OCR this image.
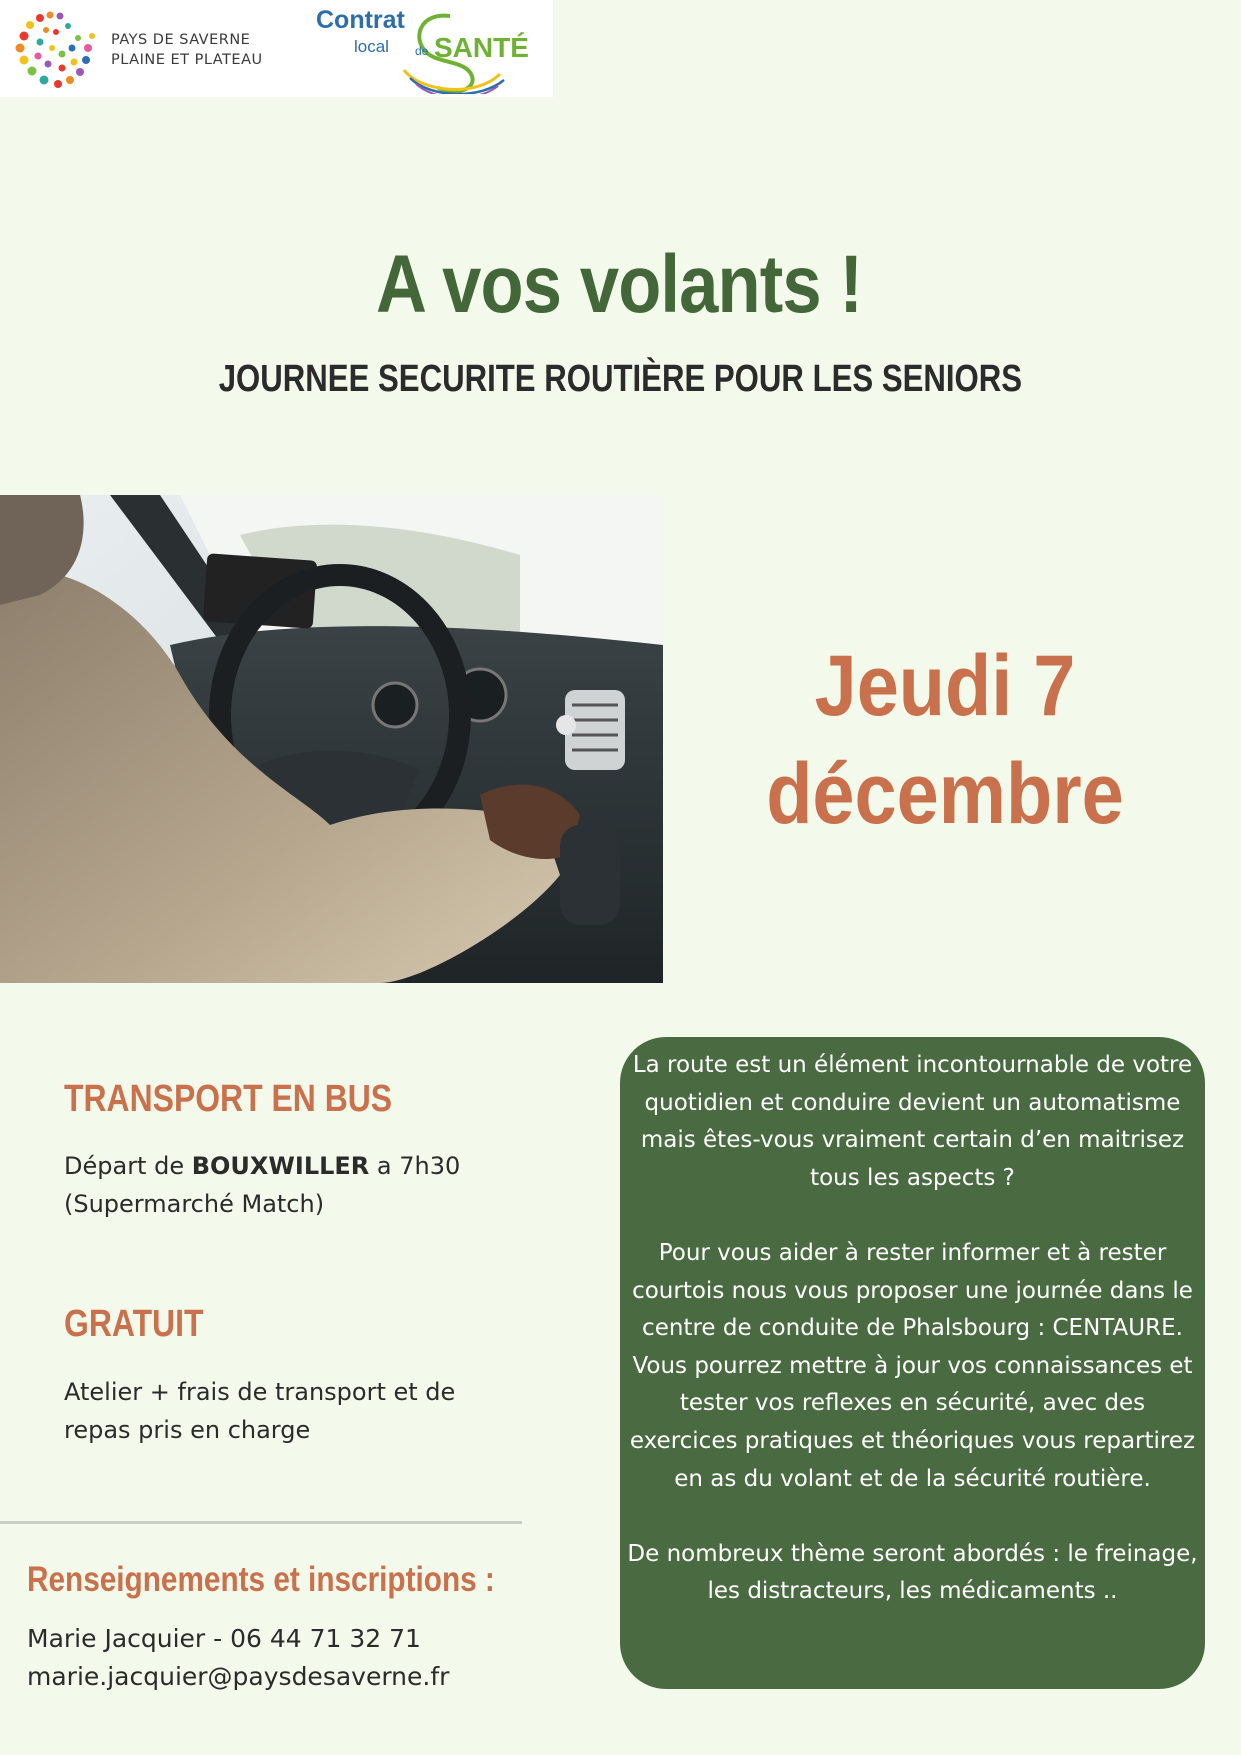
PAYS DE SAVERNE
PLAINE ET PLATEAU
Contrat
local de SANTÉ
A vos volants !
JOURNEE SECURITE ROUTIÈRE POUR LES SENIORS
Jeudi 7
décembre
TRANSPORT EN BUS
Départ de BOUXWILLER a 7h30
(Supermarché Match)
GRATUIT
Atelier + frais de transport et de
repas pris en charge
Renseignements et inscriptions :
Marie Jacquier - 06 44 71 32 71
marie.jacquier@paysdesaverne.fr

La route est un élément incontournable de votre quotidien et conduire devient un automatisme mais êtes-vous vraiment certain d’en maitrisez tous les aspects ?

Pour vous aider à rester informer et à rester courtois nous vous proposer une journée dans le centre de conduite de Phalsbourg : CENTAURE.

Vous pourrez mettre à jour vos connaissances et tester vos reflexes en sécurité, avec des exercices pratiques et théoriques vous repartirez en as du volant et de la sécurité routière.

De nombreux thème seront abordés : le freinage, les distracteurs, les médicaments ..
